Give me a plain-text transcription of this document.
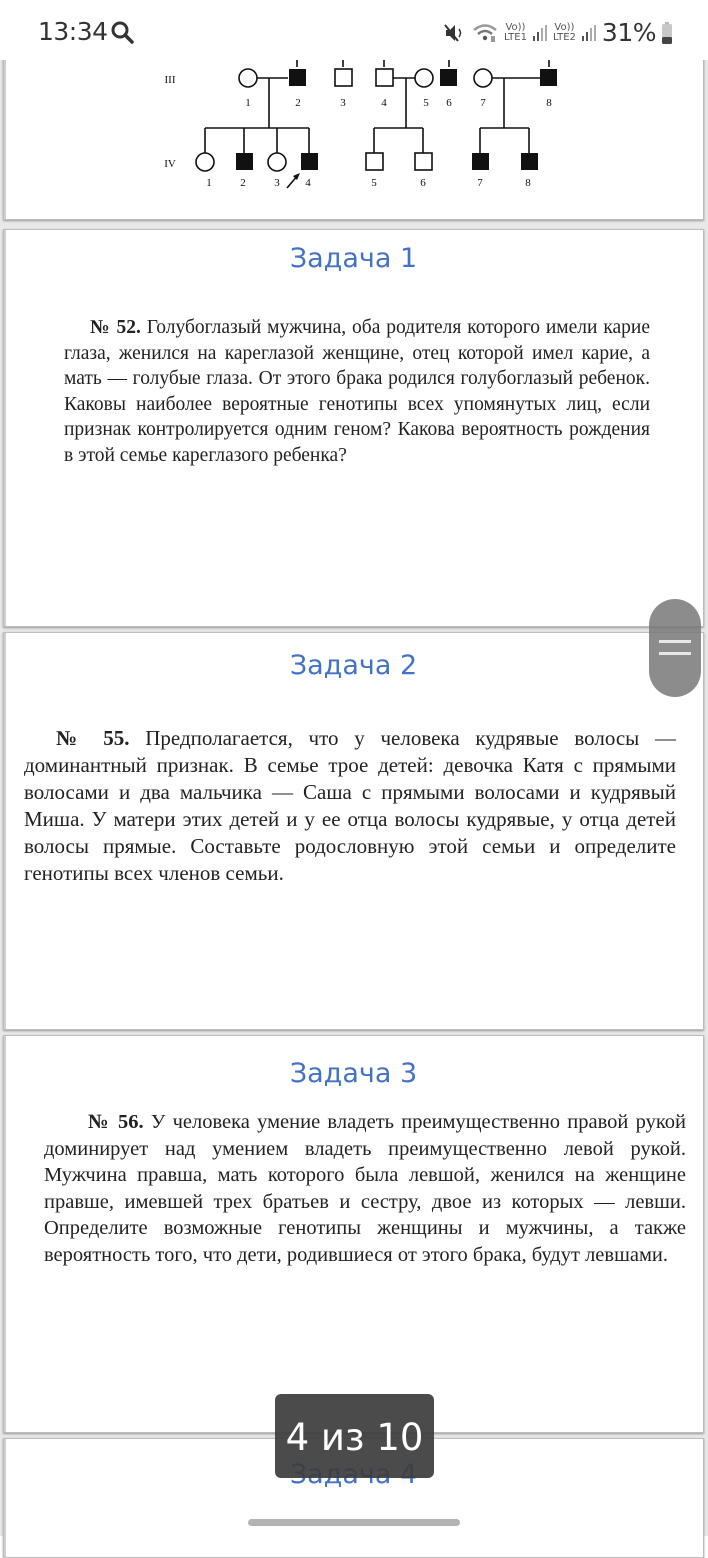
III
IV
1	2	3	4	5 6	7	8
1	2	3 4	5	6	7	8
Задача 1
№ 52. Голубоглазый мужчина, оба родителя которого имели карие глаза, женился на кареглазой женщине, отец которой имел карие, а мать — голубые глаза. От этого брака родился голубоглазый ребенок. Каковы наиболее вероятные генотипы всех упомянутых лиц, если признак контролируется одним геном? Какова вероятность рождения в этой семье кареглазого ребенка?
Задача 2
№ 55. Предполагается, что у человека кудрявые волосы — доминантный признак. В семье трое детей: девочка Катя с прямыми волосами и два мальчика — Саша с прямыми волосами и кудрявый Миша. У матери этих детей и у ее отца волосы кудрявые, у отца детей волосы прямые. Составьте родословную этой семьи и определите генотипы всех членов семьи.
Задача 3
№ 56. У человека умение владеть преимущественно правой рукой доминирует над умением владеть преимущественно левой рукой. Мужчина правша, мать которого была левшой, женился на женщине правше, имевшей трех братьев и сестру, двое из которых — левши. Определите возможные генотипы женщины и мужчины, а также вероятность того, что дети, родившиеся от этого брака, будут левшами.
13:34	Vo))
LTE1
Vo))
LTE2 31%
4 из 10
